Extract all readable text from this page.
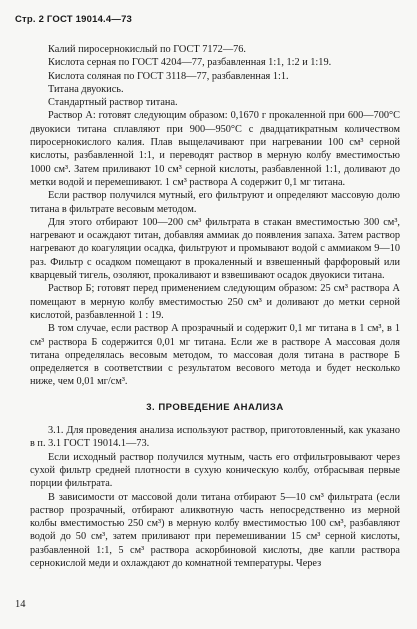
Стр. 2 ГОСТ 19014.4—73

Калий пиросернокислый по ГОСТ 7172—76.

Кислота серная по ГОСТ 4204—77, разбавленная 1:1, 1:2 и 1:19.

Кислота соляная по ГОСТ 3118—77, разбавленная 1:1.

Титана двуокись.

Стандартный раствор титана.

Раствор А: готовят следующим образом: 0,1670 г прокаленной при 600—700°С двуокиси титана сплавляют при 900—950°С с двадцатикратным количеством пиросернокислого калия. Плав выщелачивают при нагревании 100 см³ серной кислоты, разбавленной 1:1, и переводят раствор в мерную колбу вместимостью 1000 см³. Затем приливают 10 см³ серной кислоты, разбавленной 1:1, доливают до метки водой и перемешивают. 1 см³ раствора А содержит 0,1 мг титана.

Если раствор получился мутный, его фильтруют и определяют массовую долю титана в фильтрате весовым методом.

Для этого отбирают 100—200 см³ фильтрата в стакан вместимостью 300 см³, нагревают и осаждают титан, добавляя аммиак до появления запаха. Затем раствор нагревают до коагуляции осадка, фильтруют и промывают водой с аммиаком 9—10 раз. Фильтр с осадком помещают в прокаленный и взвешенный фарфоровый или кварцевый тигель, озоляют, прокаливают и взвешивают осадок двуокиси титана.

Раствор Б; готовят перед применением следующим образом: 25 см³ раствора А помещают в мерную колбу вместимостью 250 см³ и доливают до метки серной кислотой, разбавленной 1 : 19.

В том случае, если раствор А прозрачный и содержит 0,1 мг титана в 1 см³, в 1 см³ раствора Б содержится 0,01 мг титана. Если же в растворе А массовая доля титана определялась весовым методом, то массовая доля титана в растворе Б определяется в соответствии с результатом весового метода и будет несколько ниже, чем 0,01 мг/см³.

3. ПРОВЕДЕНИЕ АНАЛИЗА

3.1. Для проведения анализа используют раствор, приготовленный, как указано в п. 3.1 ГОСТ 19014.1—73.

Если исходный раствор получился мутным, часть его отфильтровывают через сухой фильтр средней плотности в сухую коническую колбу, отбрасывая первые порции фильтрата.

В зависимости от массовой доли титана отбирают 5—10 см³ фильтрата (если раствор прозрачный, отбирают аликвотную часть непосредственно из мерной колбы вместимостью 250 см³) в мерную колбу вместимостью 100 см³, разбавляют водой до 50 см³, затем приливают при перемешивании 15 см³ серной кислоты, разбавленной 1:1, 5 см³ раствора аскорбиновой кислоты, две капли раствора сернокислой меди и охлаждают до комнатной температуры. Через

14
